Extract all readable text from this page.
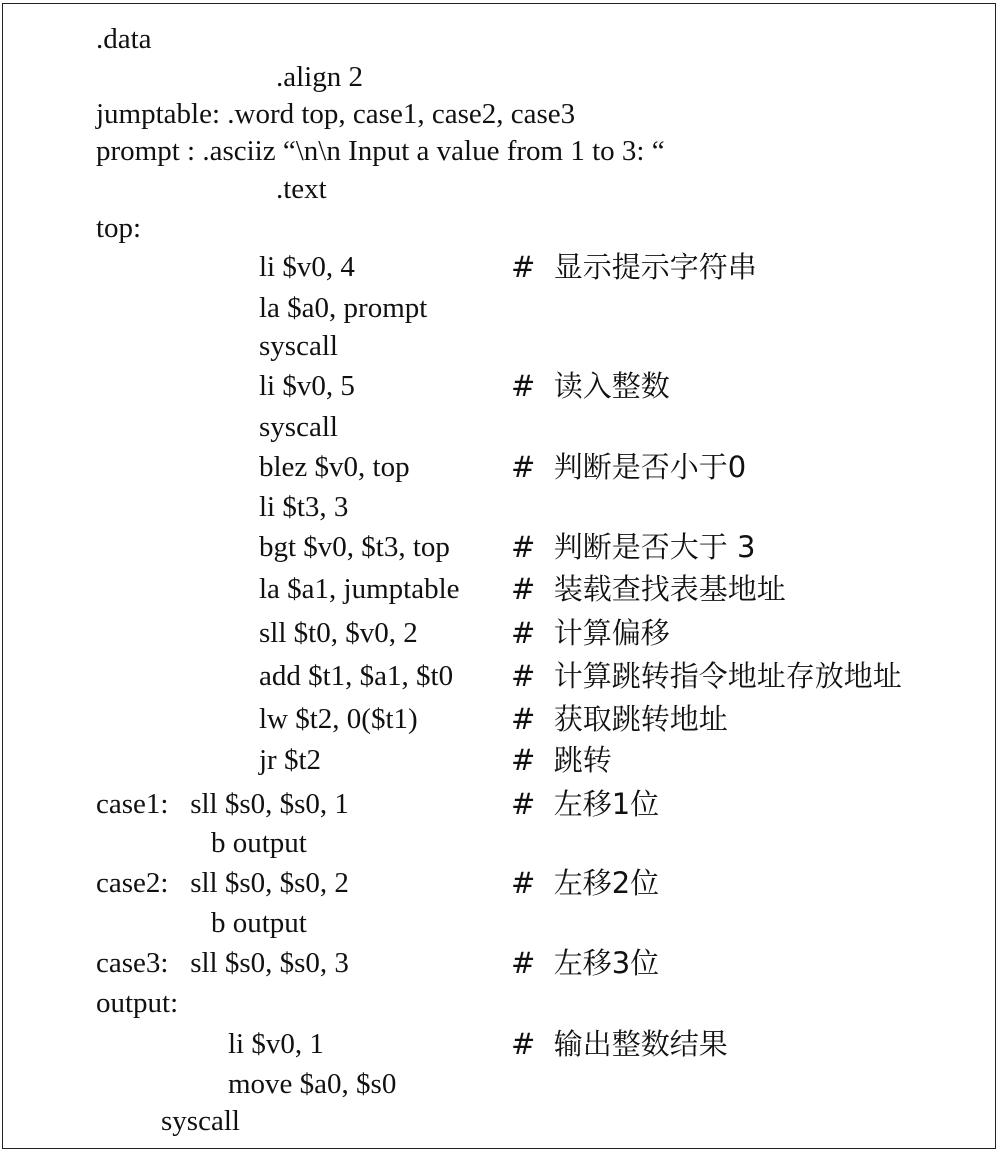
.data
.align 2
jumptable: .word top, case1, case2, case3
prompt : .asciiz “\n\n Input a value from 1 to 3: “
.text
top:
li $v0, 4	#  显示提示字符串
la $a0, prompt
syscall
li $v0, 5	#  读入整数
syscall
blez $v0, top	#  判断是否小于0
li $t3, 3
bgt $v0, $t3, top #  判断是否大于 3
la $a1, jumptable #  装载查找表基地址
sll $t0, $v0, 2	#  计算偏移
add $t1, $a1, $t0 #  计算跳转指令地址存放地址
lw $t2, 0($t1)	#  获取跳转地址
jr $t2	#  跳转
case1:   sll $s0, $s0, 1	#  左移1位
b output
case2:   sll $s0, $s0, 2	#  左移2位
b output
case3:   sll $s0, $s0, 3	#  左移3位
output:
li $v0, 1	#  输出整数结果
move $a0, $s0
syscall
